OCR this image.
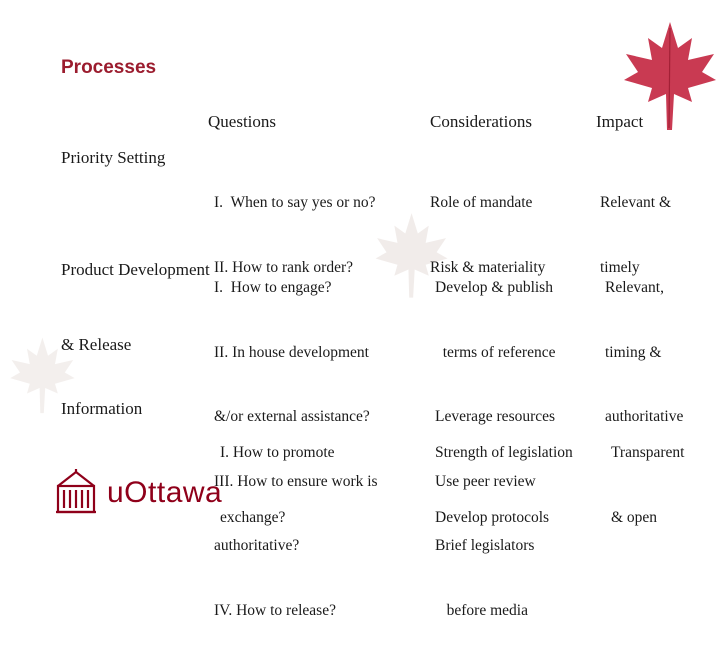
Processes
Questions	Considerations	Impact
Priority Setting

I.  When to say yes or no?

II. How to rank order?

Role of mandate

Risk & materiality

Relevant &

timely

Product Development

& Release

I.  How to engage?

II. In house development

&/or external assistance?

III. How to ensure work is

authoritative?

IV. How to release?

Develop & publish

terms of reference

Leverage resources

Use peer review

Brief legislators

before media

Relevant,

timing &

authoritative

Information

I. How to promote

exchange?

Strength of legislation

Develop protocols

Transparent

& open

uOttawa
